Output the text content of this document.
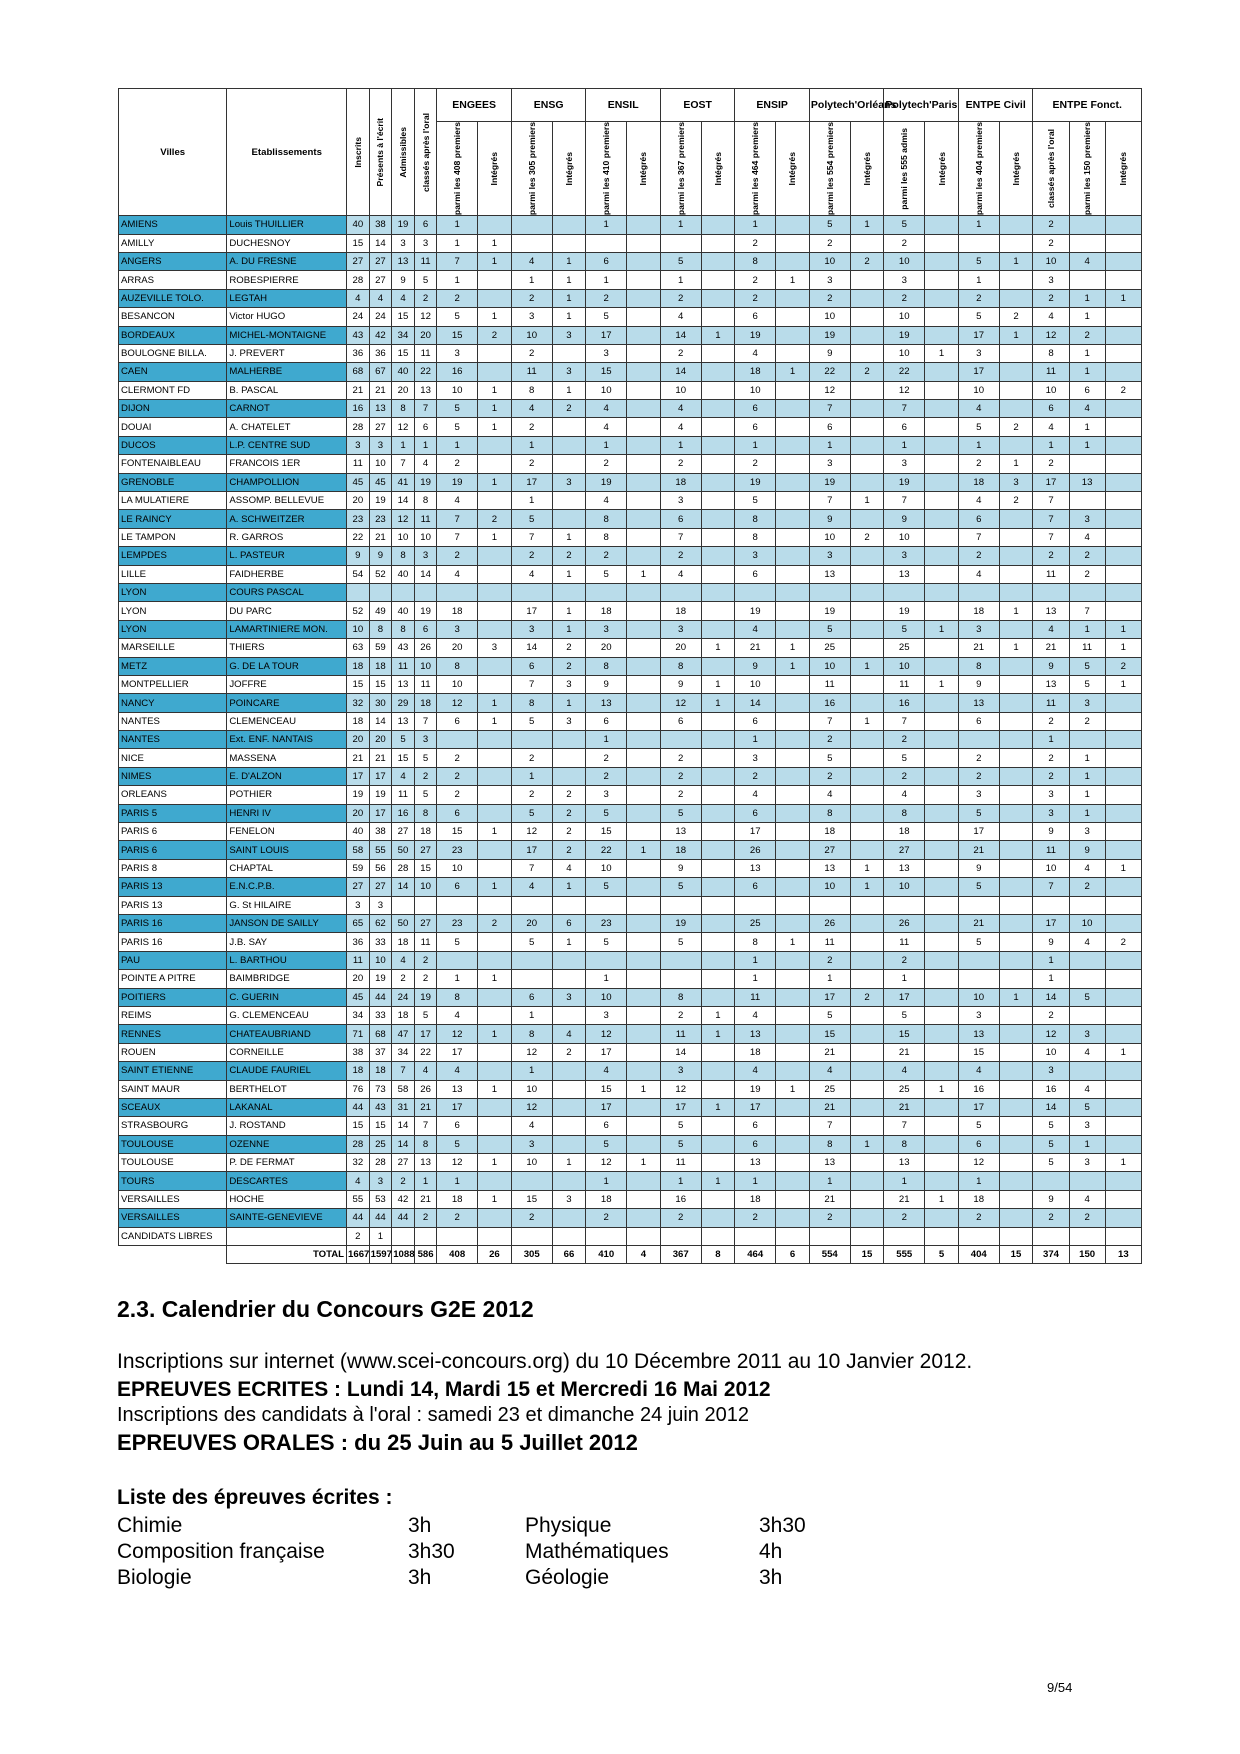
Villes	Etablissements	Inscrits	Présents à l'écrit	Admissibles	classés après l'oral	ENGEES		ENSG		ENSIL		EOST		ENSIP		Polytech'Orléans		Polytech'Paris		ENTPE Civil		ENTPE Fonct.		

						parmi les 408 premiers	Intégrés	parmi les 305 premiers	Intégrés	parmi les 410 premiers	Intégrés	parmi les 367 premiers	Intégrés	parmi les 464 premiers	Intégrés	parmi les 554 premiers	Intégrés	parmi les 555 admis	Intégrés	parmi les 404 premiers	Intégrés	classés après l'oral	parmi les 150 premiers	Intégrés

AMIENS	Louis THUILLIER	40	38	19	6	1				1		1		1		5	1	5		1		2		
AMILLY	DUCHESNOY	15	14	3	3	1	1							2		2		2				2		
ANGERS	A. DU FRESNE	27	27	13	11	7	1	4	1	6		5		8		10	2	10		5	1	10	4	
ARRAS	ROBESPIERRE	28	27	9	5	1		1	1	1		1		2	1	3		3		1		3		
AUZEVILLE TOLO.	LEGTAH	4	4	4	2	2		2	1	2		2		2		2		2		2		2	1	1
BESANCON	Victor HUGO	24	24	15	12	5	1	3	1	5		4		6		10		10		5	2	4	1	
BORDEAUX	MICHEL-MONTAIGNE	43	42	34	20	15	2	10	3	17		14	1	19		19		19		17	1	12	2	
BOULOGNE BILLA.	J. PREVERT	36	36	15	11	3		2		3		2		4		9		10	1	3		8	1	
CAEN	MALHERBE	68	67	40	22	16		11	3	15		14		18	1	22	2	22		17		11	1	
CLERMONT FD	B. PASCAL	21	21	20	13	10	1	8	1	10		10		10		12		12		10		10	6	2
DIJON	CARNOT	16	13	8	7	5	1	4	2	4		4		6		7		7		4		6	4	
DOUAI	A. CHATELET	28	27	12	6	5	1	2		4		4		6		6		6		5	2	4	1	
DUCOS	L.P. CENTRE SUD	3	3	1	1	1		1		1		1		1		1		1		1		1	1	
FONTENAIBLEAU	FRANCOIS 1ER	11	10	7	4	2		2		2		2		2		3		3		2	1	2		
GRENOBLE	CHAMPOLLION	45	45	41	19	19	1	17	3	19		18		19		19		19		18	3	17	13	
LA MULATIERE	ASSOMP. BELLEVUE	20	19	14	8	4		1		4		3		5		7	1	7		4	2	7		
LE RAINCY	A. SCHWEITZER	23	23	12	11	7	2	5		8		6		8		9		9		6		7	3	
LE TAMPON	R. GARROS	22	21	10	10	7	1	7	1	8		7		8		10	2	10		7		7	4	
LEMPDES	L. PASTEUR	9	9	8	3	2		2	2	2		2		3		3		3		2		2	2	
LILLE	FAIDHERBE	54	52	40	14	4		4	1	5	1	4		6		13		13		4		11	2	
LYON	COURS PASCAL																							
LYON	DU PARC	52	49	40	19	18		17	1	18		18		19		19		19		18	1	13	7	
LYON	LAMARTINIERE MON.	10	8	8	6	3		3	1	3		3		4		5		5	1	3		4	1	1
MARSEILLE	THIERS	63	59	43	26	20	3	14	2	20		20	1	21	1	25		25		21	1	21	11	1
METZ	G. DE LA TOUR	18	18	11	10	8		6	2	8		8		9	1	10	1	10		8		9	5	2
MONTPELLIER	JOFFRE	15	15	13	11	10		7	3	9		9	1	10		11		11	1	9		13	5	1
NANCY	POINCARE	32	30	29	18	12	1	8	1	13		12	1	14		16		16		13		11	3	
NANTES	CLEMENCEAU	18	14	13	7	6	1	5	3	6		6		6		7	1	7		6		2	2	
NANTES	Ext. ENF. NANTAIS	20	20	5	3					1				1		2		2				1		
NICE	MASSENA	21	21	15	5	2		2		2		2		3		5		5		2		2	1	
NIMES	E. D'ALZON	17	17	4	2	2		1		2		2		2		2		2		2		2	1	
ORLEANS	POTHIER	19	19	11	5	2		2	2	3		2		4		4		4		3		3	1	
PARIS 5	HENRI IV	20	17	16	8	6		5	2	5		5		6		8		8		5		3	1	
PARIS 6	FENELON	40	38	27	18	15	1	12	2	15		13		17		18		18		17		9	3	
PARIS 6	SAINT LOUIS	58	55	50	27	23		17	2	22	1	18		26		27		27		21		11	9	
PARIS 8	CHAPTAL	59	56	28	15	10		7	4	10		9		13		13	1	13		9		10	4	1
PARIS 13	E.N.C.P.B.	27	27	14	10	6	1	4	1	5		5		6		10	1	10		5		7	2	
PARIS 13	G. St HILAIRE	3	3																					
PARIS 16	JANSON DE SAILLY	65	62	50	27	23	2	20	6	23		19		25		26		26		21		17	10	
PARIS 16	J.B. SAY	36	33	18	11	5		5	1	5		5		8	1	11		11		5		9	4	2
PAU	L. BARTHOU	11	10	4	2									1		2		2				1		
POINTE A PITRE	BAIMBRIDGE	20	19	2	2	1	1			1				1		1		1				1		
POITIERS	C. GUERIN	45	44	24	19	8		6	3	10		8		11		17	2	17		10	1	14	5	
REIMS	G. CLEMENCEAU	34	33	18	5	4		1		3		2	1	4		5		5		3		2		
RENNES	CHATEAUBRIAND	71	68	47	17	12	1	8	4	12		11	1	13		15		15		13		12	3	
ROUEN	CORNEILLE	38	37	34	22	17		12	2	17		14		18		21		21		15		10	4	1
SAINT ETIENNE	CLAUDE FAURIEL	18	18	7	4	4		1		4		3		4		4		4		4		3		
SAINT MAUR	BERTHELOT	76	73	58	26	13	1	10		15	1	12		19	1	25		25	1	16		16	4	
SCEAUX	LAKANAL	44	43	31	21	17		12		17		17	1	17		21		21		17		14	5	
STRASBOURG	J. ROSTAND	15	15	14	7	6		4		6		5		6		7		7		5		5	3	
TOULOUSE	OZENNE	28	25	14	8	5		3		5		5		6		8	1	8		6		5	1	
TOULOUSE	P. DE FERMAT	32	28	27	13	12	1	10	1	12	1	11		13		13		13		12		5	3	1
TOURS	DESCARTES	4	3	2	1	1				1		1	1	1		1		1		1				
VERSAILLES	HOCHE	55	53	42	21	18	1	15	3	18		16		18		21		21	1	18		9	4	
VERSAILLES	SAINTE-GENEVIEVE	44	44	44	2	2		2		2		2		2		2		2		2		2	2	
CANDIDATS LIBRES		2	1																					
	TOTAL	1667	1597	1088	586	408	26	305	66	410	4	367	8	464	6	554	15	555	5	404	15	374	150	13
2.3. Calendrier du Concours G2E 2012

Inscriptions sur internet (www.scei-concours.org) du 10 Décembre 2011 au 10 Janvier 2012.

EPREUVES ECRITES : Lundi 14, Mardi 15 et Mercredi 16 Mai 2012

Inscriptions des candidats à l'oral : samedi 23 et dimanche 24 juin 2012

EPREUVES ORALES : du 25 Juin au 5 Juillet 2012

Liste des épreuves écrites :
Chimie	3h	Physique	3h30
Composition française	3h30	Mathématiques	4h
Biologie	3h	Géologie	3h
9/54
